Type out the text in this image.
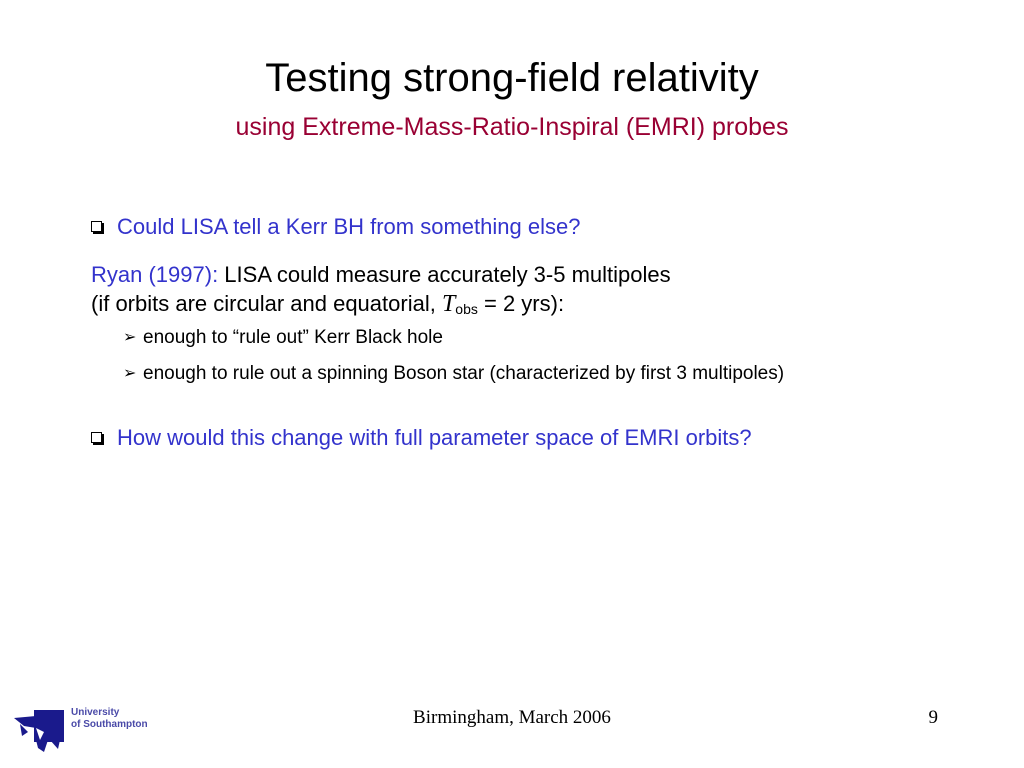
Testing strong-field relativity
using Extreme-Mass-Ratio-Inspiral (EMRI) probes
Could LISA tell a Kerr BH from something else?
Ryan (1997): LISA could measure accurately 3-5 multipoles
(if orbits are circular and equatorial, $T_{obs} = 2$ yrs):
➢ enough to “rule out” Kerr Black hole
➢ enough to rule out a spinning Boson star (characterized by first 3 multipoles)
How would this change with full parameter space of EMRI orbits?
University
of Southampton	Birmingham, March 2006	9
